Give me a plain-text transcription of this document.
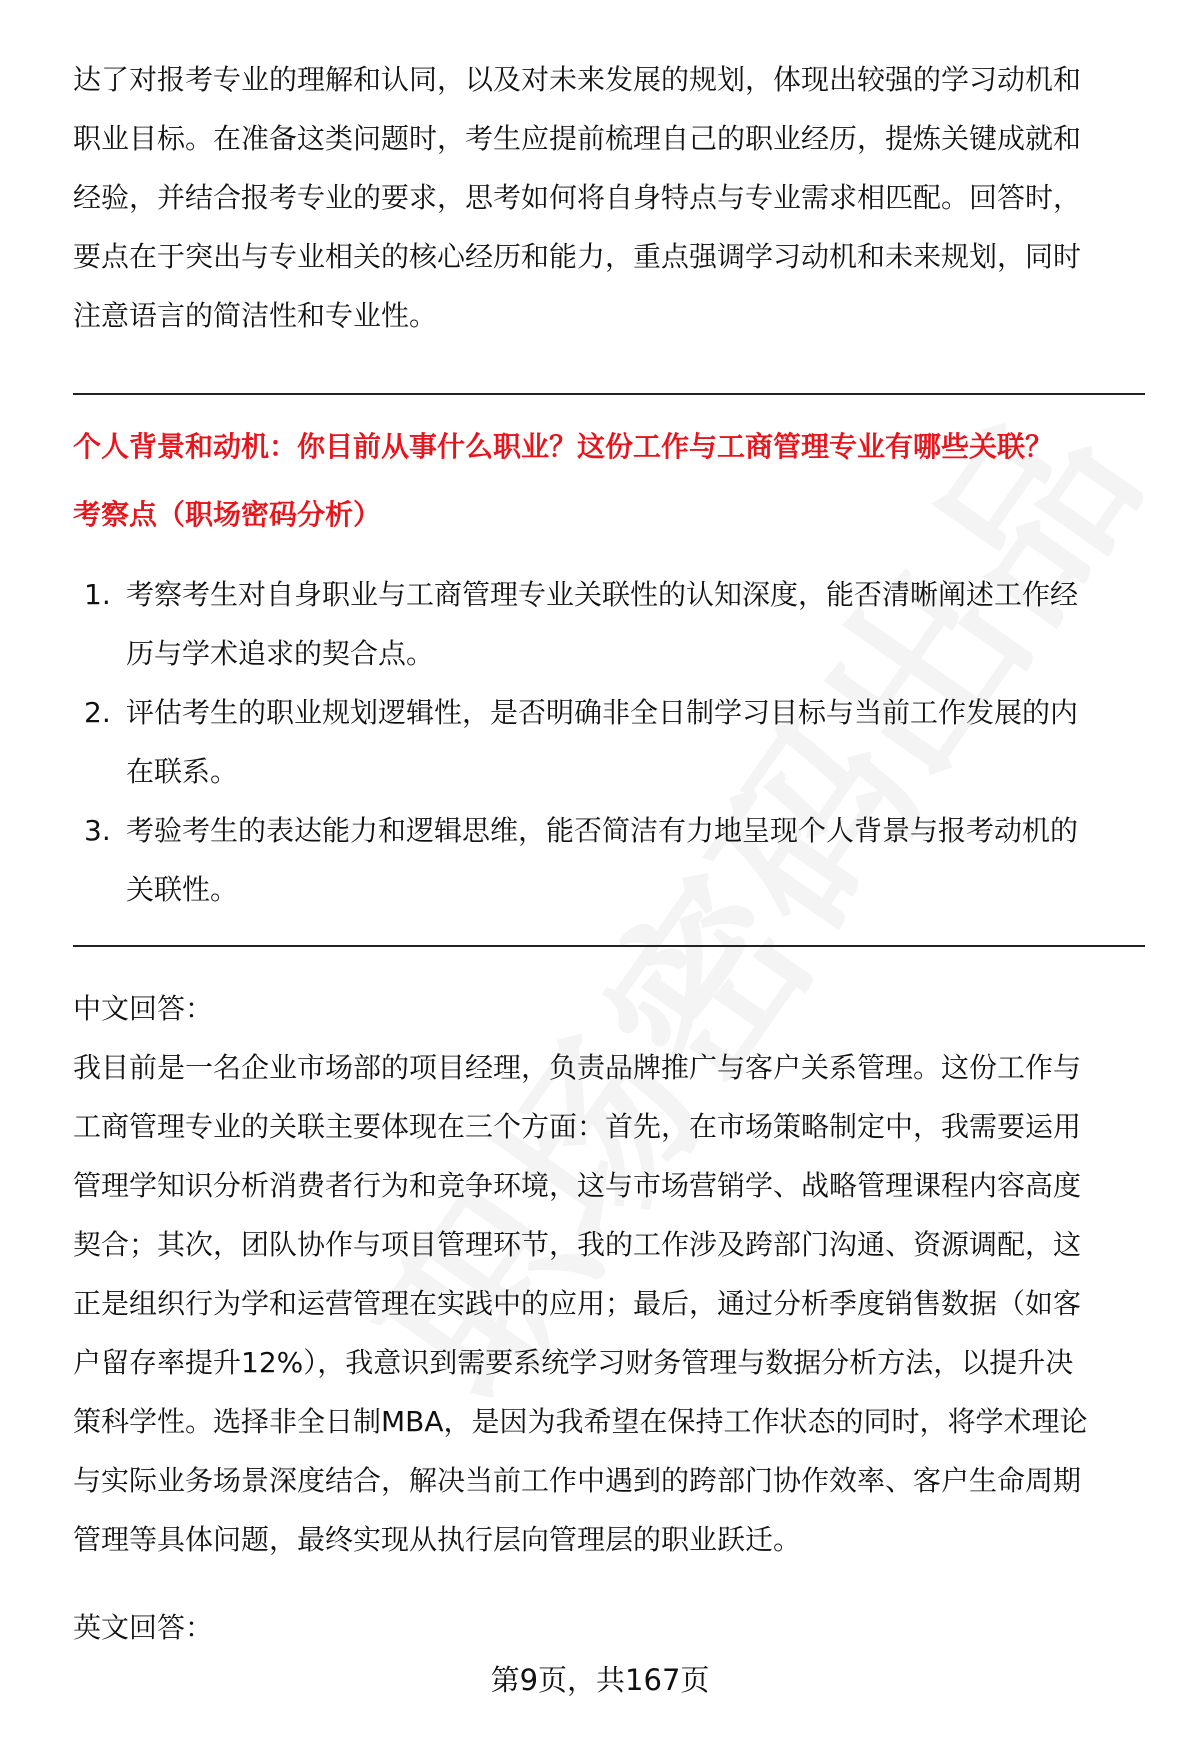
达了对报考专业的理解和认同，以及对未来发展的规划，体现出较强的学习动机和
职业目标。在准备这类问题时，考生应提前梳理自己的职业经历，提炼关键成就和
经验，并结合报考专业的要求，思考如何将自身特点与专业需求相匹配。回答时，
要点在于突出与专业相关的核心经历和能力，重点强调学习动机和未来规划，同时
注意语言的简洁性和专业性。
个人背景和动机：你目前从事什么职业？这份工作与工商管理专业有哪些关联？
考察点（职场密码分析）
1. 考察考生对自身职业与工商管理专业关联性的认知深度，能否清晰阐述工作经
历与学术追求的契合点。
2. 评估考生的职业规划逻辑性，是否明确非全日制学习目标与当前工作发展的内
在联系。
3. 考验考生的表达能力和逻辑思维，能否简洁有力地呈现个人背景与报考动机的
关联性。
中文回答：
我目前是一名企业市场部的项目经理，负责品牌推广与客户关系管理。这份工作与
工商管理专业的关联主要体现在三个方面：首先，在市场策略制定中，我需要运用
管理学知识分析消费者行为和竞争环境，这与市场营销学、战略管理课程内容高度
契合；其次，团队协作与项目管理环节，我的工作涉及跨部门沟通、资源调配，这
正是组织行为学和运营管理在实践中的应用；最后，通过分析季度销售数据（如客
户留存率提升12%），我意识到需要系统学习财务管理与数据分析方法，以提升决
策科学性。选择非全日制MBA，是因为我希望在保持工作状态的同时，将学术理论
与实际业务场景深度结合，解决当前工作中遇到的跨部门协作效率、客户生命周期
管理等具体问题，最终实现从执行层向管理层的职业跃迁。
英文回答：
第9页，共167页
